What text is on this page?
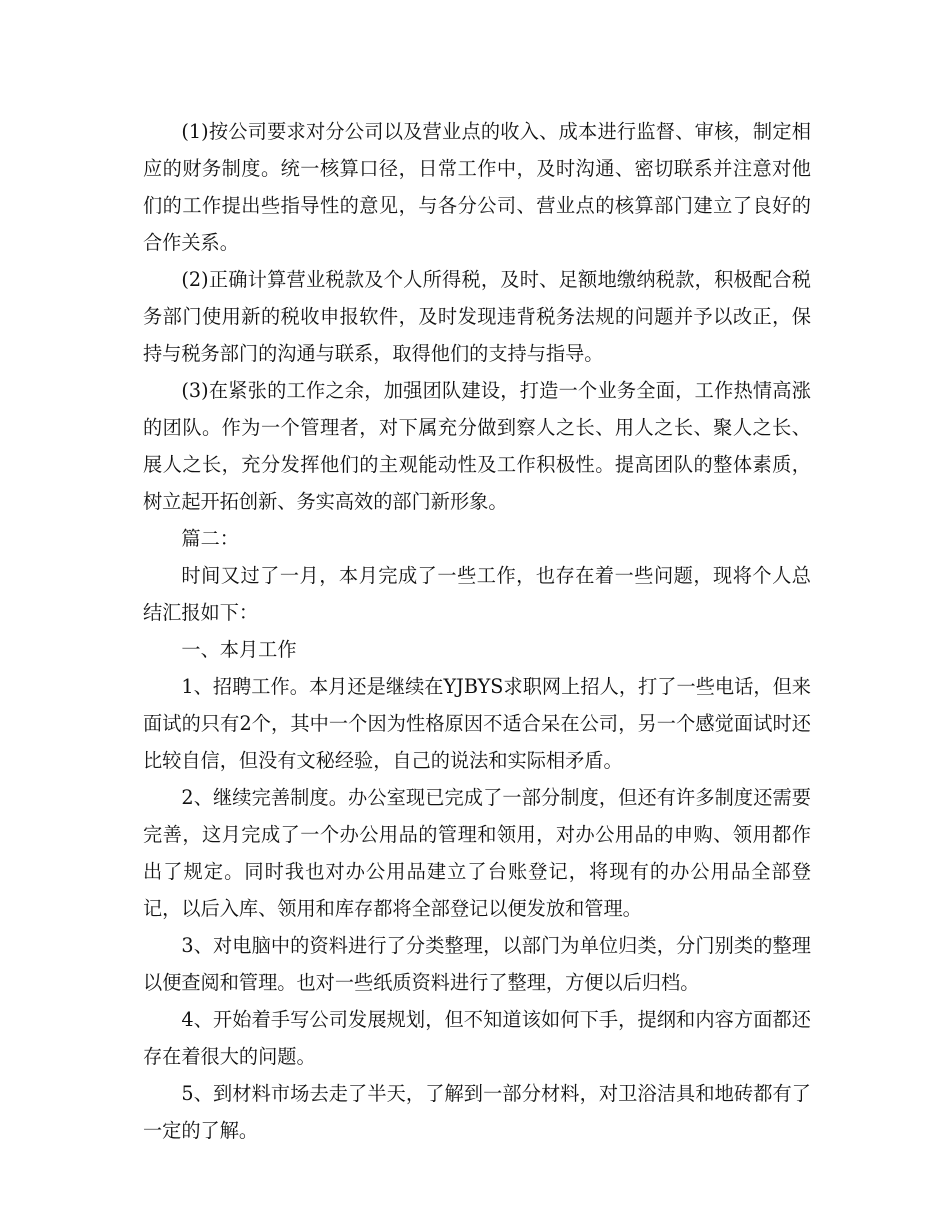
(1)按公司要求对分公司以及营业点的收入、成本进行监督、审核，制定相应的财务制度。统一核算口径，日常工作中，及时沟通、密切联系并注意对他们的工作提出些指导性的意见，与各分公司、营业点的核算部门建立了良好的合作关系。

(2)正确计算营业税款及个人所得税，及时、足额地缴纳税款，积极配合税务部门使用新的税收申报软件，及时发现违背税务法规的问题并予以改正，保持与税务部门的沟通与联系，取得他们的支持与指导。

(3)在紧张的工作之余，加强团队建设，打造一个业务全面，工作热情高涨的团队。作为一个管理者，对下属充分做到察人之长、用人之长、聚人之长、展人之长，充分发挥他们的主观能动性及工作积极性。提高团队的整体素质，树立起开拓创新、务实高效的部门新形象。

篇二：

时间又过了一月，本月完成了一些工作，也存在着一些问题，现将个人总结汇报如下：

一、本月工作

1、招聘工作。本月还是继续在YJBYS求职网上招人，打了一些电话，但来面试的只有2个，其中一个因为性格原因不适合呆在公司，另一个感觉面试时还比较自信，但没有文秘经验，自己的说法和实际相矛盾。

2、继续完善制度。办公室现已完成了一部分制度，但还有许多制度还需要完善，这月完成了一个办公用品的管理和领用，对办公用品的申购、领用都作出了规定。同时我也对办公用品建立了台账登记，将现有的办公用品全部登记，以后入库、领用和库存都将全部登记以便发放和管理。

3、对电脑中的资料进行了分类整理，以部门为单位归类，分门别类的整理以便查阅和管理。也对一些纸质资料进行了整理，方便以后归档。

4、开始着手写公司发展规划，但不知道该如何下手，提纲和内容方面都还存在着很大的问题。

5、到材料市场去走了半天，了解到一部分材料，对卫浴洁具和地砖都有了一定的了解。
